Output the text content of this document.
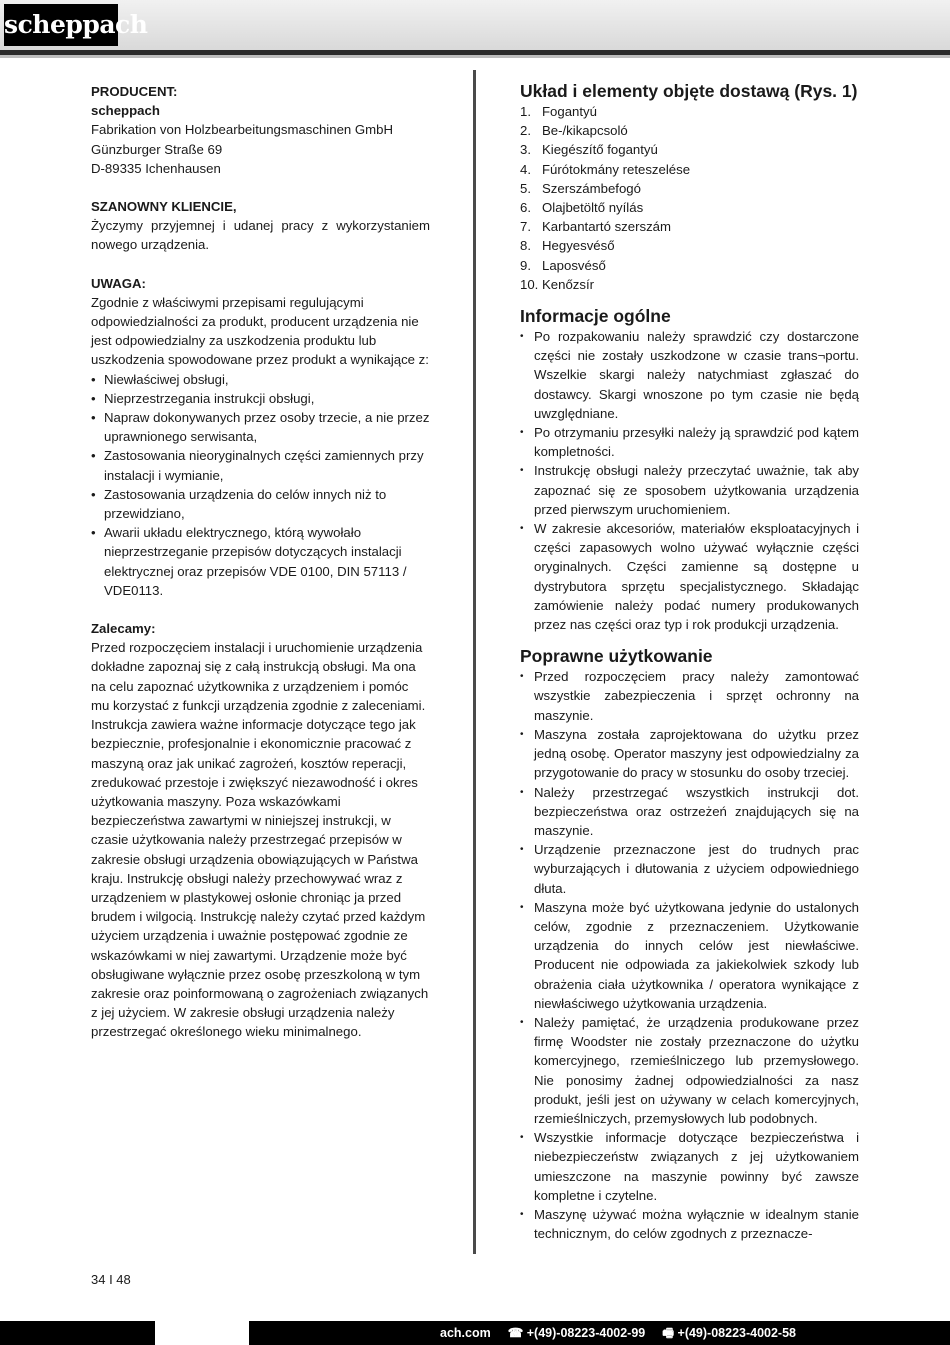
scheppach

PRODUCENT:

scheppach

Fabrikation von Holzbearbeitungsmaschinen GmbH

Günzburger Straße 69

D-89335 Ichenhausen

SZANOWNY KLIENCIE,

Życzymy przyjemnej i udanej pracy z wykorzystaniem nowego urządzenia.

UWAGA:

Zgodnie z właściwymi przepisami regulującymi odpowiedzialności za produkt, producent urządzenia nie jest odpowiedzialny za uszkodzenia produktu lub uszkodzenia spowodowane przez produkt a wynikające z:

• Niewłaściwej obsługi,
• Nieprzestrzegania instrukcji obsługi,
• Napraw dokonywanych przez osoby trzecie, a nie przez uprawnionego serwisanta,
• Zastosowania nieoryginalnych części zamiennych przy instalacji i wymianie,
• Zastosowania urządzenia do celów innych niż to przewidziano,
• Awarii układu elektrycznego, którą wywołało nieprzestrzeganie przepisów dotyczących instalacji elektrycznej oraz przepisów VDE 0100, DIN 57113 / VDE0113.

Zalecamy:

Przed rozpoczęciem instalacji i uruchomienie urządzenia dokładne zapoznaj się z całą instrukcją obsługi. Ma ona na celu zapoznać użytkownika z urządzeniem i pomóc mu korzystać z funkcji urządzenia zgodnie z zaleceniami. Instrukcja zawiera ważne informacje dotyczące tego jak bezpiecznie, profesjonalnie i ekonomicznie pracować z maszyną oraz jak unikać zagrożeń, kosztów reperacji, zredukować przestoje i zwiększyć niezawodność i okres użytkowania maszyny. Poza wskazówkami bezpieczeństwa zawartymi w niniejszej instrukcji, w czasie użytkowania należy przestrzegać przepisów w zakresie obsługi urządzenia obowiązujących w Państwa kraju. Instrukcję obsługi należy przechowywać wraz z urządzeniem w plastykowej osłonie chroniąc ja przed brudem i wilgocią. Instrukcję należy czytać przed każdym użyciem urządzenia i uważnie postępować zgodnie ze wskazówkami w niej zawartymi. Urządzenie może być obsługiwane wyłącznie przez osobę przeszkoloną w tym zakresie oraz poinformowaną o zagrożeniach związanych z jej użyciem. W zakresie obsługi urządzenia należy przestrzegać określonego wieku minimalnego.

Układ i elementy objęte dostawą (Rys. 1)
1. Fogantyú
2. Be-/kikapcsoló
3. Kiegészítő fogantyú
4. Fúrótokmány reteszelése
5. Szerszámbefogó
6. Olajbetöltő nyílás
7. Karbantartó szerszám
8. Hegyesvéső
9. Laposvéső
10. Kenőzsír
Informacje ogólne
• Po rozpakowaniu należy sprawdzić czy dostarczone części nie zostały uszkodzone w czasie trans¬portu. Wszelkie skargi należy natychmiast zgłaszać do dostawcy. Skargi wnoszone po tym czasie nie będą uwzględniane.
• Po otrzymaniu przesyłki należy ją sprawdzić pod kątem kompletności.
• Instrukcję obsługi należy przeczytać uważnie, tak aby zapoznać się ze sposobem użytkowania urządzenia przed pierwszym uruchomieniem.
• W zakresie akcesoriów, materiałów eksploatacyjnych i części zapasowych wolno używać wyłącznie części oryginalnych. Części zamienne są dostępne u dystrybutora sprzętu specjalistycznego. Składając zamówienie należy podać numery produkowanych przez nas części oraz typ i rok produkcji urządzenia.
Poprawne użytkowanie
• Przed rozpoczęciem pracy należy zamontować wszystkie zabezpieczenia i sprzęt ochronny na maszynie.
• Maszyna została zaprojektowana do użytku przez jedną osobę. Operator maszyny jest odpowiedzialny za przygotowanie do pracy w stosunku do osoby trzeciej.
• Należy przestrzegać wszystkich instrukcji dot. bezpieczeństwa oraz ostrzeżeń znajdujących się na maszynie.
• Urządzenie przeznaczone jest do trudnych prac wyburzających i dłutowania z użyciem odpowiedniego dłuta.
• Maszyna może być użytkowana jedynie do ustalonych celów, zgodnie z przeznaczeniem. Użytkowanie urządzenia do innych celów jest niewłaściwe. Producent nie odpowiada za jakiekolwiek szkody lub obrażenia ciała użytkownika / operatora wynikające z niewłaściwego użytkowania urządzenia.
• Należy pamiętać, że urządzenia produkowane przez firmę Woodster nie zostały przeznaczone do użytku komercyjnego, rzemieślniczego lub przemysłowego. Nie ponosimy żadnej odpowiedzialności za nasz produkt, jeśli jest on używany w celach komercyjnych, rzemieślniczych, przemysłowych lub podobnych.
• Wszystkie informacje dotyczące bezpieczeństwa i niebezpieczeństw związanych z jej użytkowaniem umieszczone na maszynie powinny być zawsze kompletne i czytelne.
• Maszynę używać można wyłącznie w idealnym stanie technicznym, do celów zgodnych z przeznacze-
34 I 48
ach.com ☎ +(49)-08223-4002-99 🖷 +(49)-08223-4002-58
